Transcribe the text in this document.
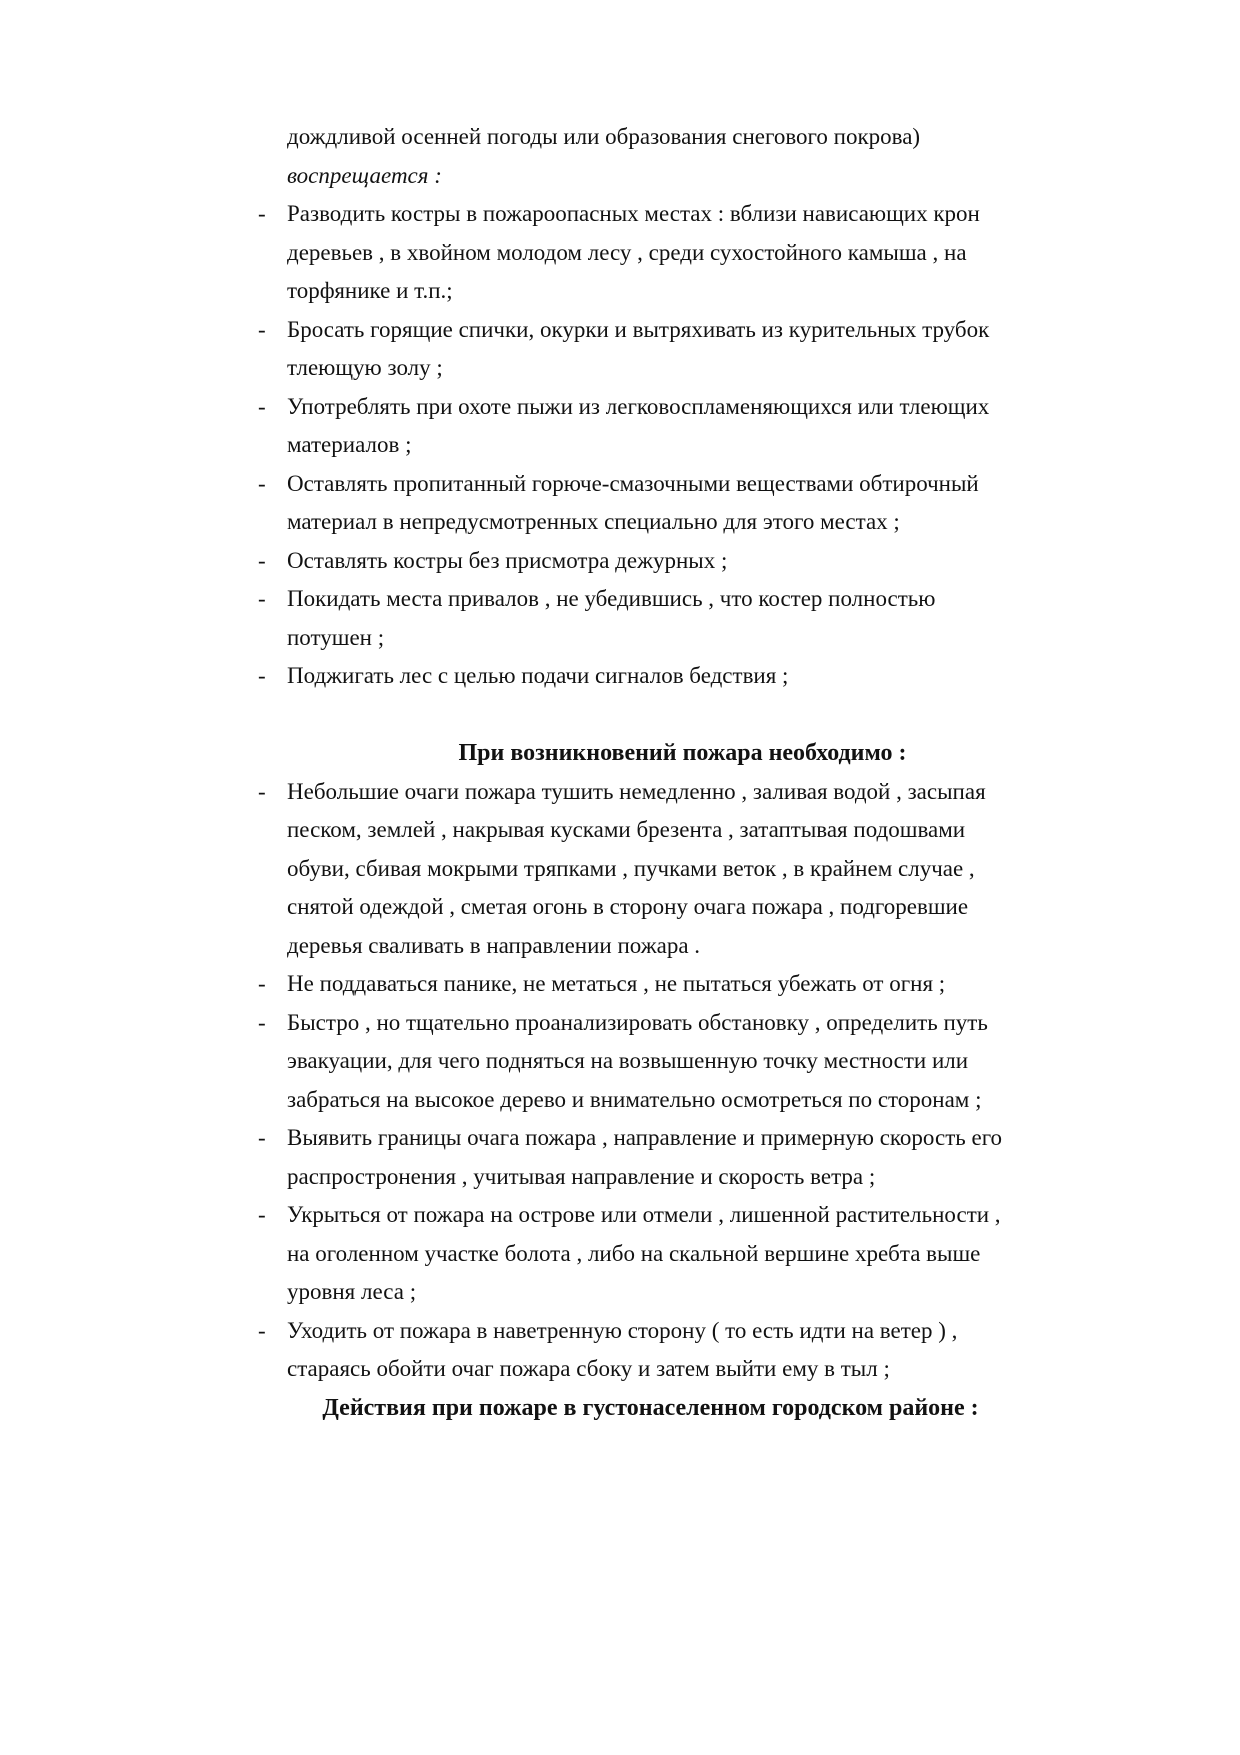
дождливой осенней погоды или образования снегового покрова)

воспрещается :

- Разводить костры в пожароопасных местах : вблизи нависающих крон деревьев , в хвойном молодом лесу , среди сухостойного камыша , на торфянике и т.п.;
- Бросать горящие спички, окурки и вытряхивать из курительных трубок тлеющую золу ;
- Употреблять при охоте пыжи из легковоспламеняющихся или тлеющих материалов ;
- Оставлять пропитанный горюче-смазочными веществами обтирочный материал в непредусмотренных специально для этого местах ;
- Оставлять костры без присмотра дежурных ;
- Покидать места привалов , не убедившись , что костер полностью потушен ;
- Поджигать лес с целью подачи сигналов бедствия ;

При возникновений пожара необходимо :

- Небольшие очаги пожара тушить немедленно , заливая водой , засыпая песком, землей , накрывая кусками брезента , затаптывая подошвами обуви, сбивая мокрыми тряпками , пучками веток , в крайнем случае , снятой одеждой , сметая огонь в сторону очага пожара , подгоревшие деревья сваливать в направлении пожара .
- Не поддаваться панике, не метаться , не пытаться убежать от огня ;
- Быстро , но тщательно проанализировать обстановку , определить путь эвакуации, для чего подняться на возвышенную точку местности или забраться на высокое дерево и внимательно осмотреться по сторонам ;
- Выявить границы очага пожара , направление и примерную скорость его распростронения , учитывая направление и скорость ветра ;
- Укрыться от пожара на острове или отмели , лишенной растительности , на оголенном участке болота , либо на скальной вершине хребта выше уровня леса ;
- Уходить от пожара в наветренную сторону ( то есть идти на ветер ) , стараясь обойти очаг пожара сбоку и затем выйти ему в тыл ;

Действия при пожаре в густонаселенном городском районе :
